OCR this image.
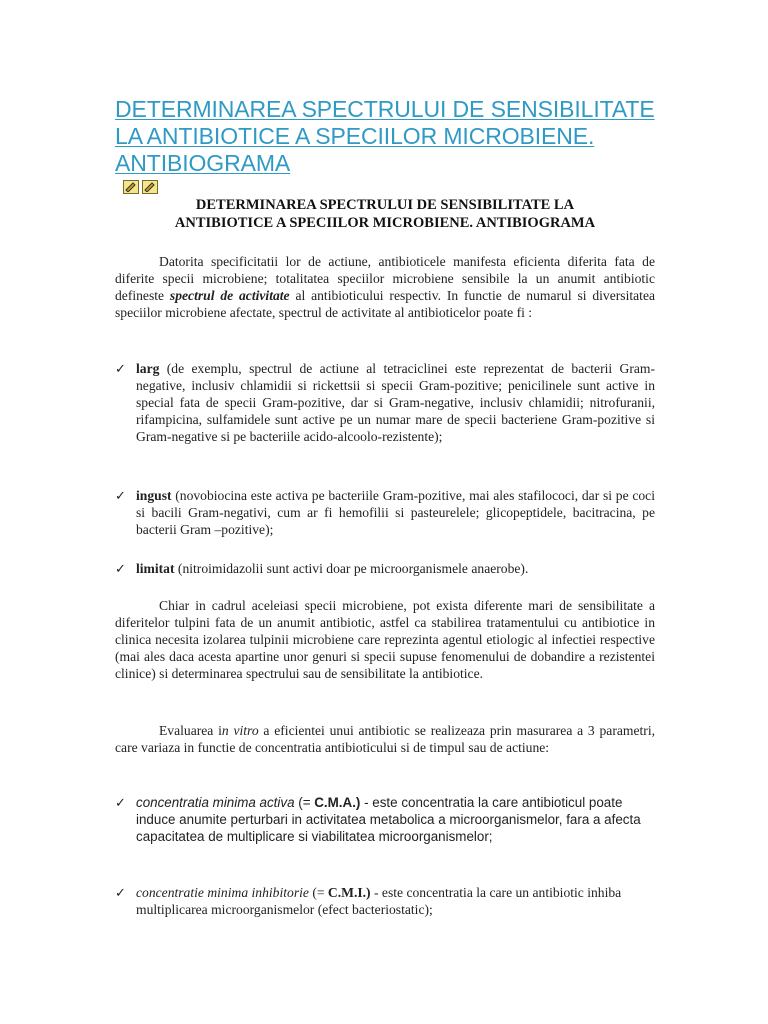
DETERMINAREA SPECTRULUI DE SENSIBILITATE LA ANTIBIOTICE A SPECIILOR MICROBIENE. ANTIBIOGRAMA

DETERMINAREA SPECTRULUI DE SENSIBILITATE LA
ANTIBIOTICE A SPECIILOR MICROBIENE. ANTIBIOGRAMA

Datorita specificitatii lor de actiune, antibioticele manifesta eficienta diferita fata de diferite specii microbiene; totalitatea speciilor microbiene sensibile la un anumit antibiotic defineste spectrul de activitate al antibioticului respectiv. In functie de numarul si diversitatea speciilor microbiene afectate, spectrul de activitate al antibioticelor poate fi :

✓ larg (de exemplu, spectrul de actiune al tetraciclinei este reprezentat de bacterii Gram-negative, inclusiv chlamidii si rickettsii si specii Gram-pozitive; penicilinele sunt active in special fata de specii Gram-pozitive, dar si Gram-negative, inclusiv chlamidii; nitrofuranii, rifampicina, sulfamidele sunt active pe un numar mare de specii bacteriene Gram-pozitive si Gram-negative si pe bacteriile acido-alcoolo-rezistente);
✓ ingust (novobiocina este activa pe bacteriile Gram-pozitive, mai ales stafilococi, dar si pe coci si bacili Gram-negativi, cum ar fi hemofilii si pasteurelele; glicopeptidele, bacitracina, pe bacterii Gram –pozitive);
✓ limitat (nitroimidazolii sunt activi doar pe microorganismele anaerobe).

Chiar in cadrul aceleiasi specii microbiene, pot exista diferente mari de sensibilitate a diferitelor tulpini fata de un anumit antibiotic, astfel ca stabilirea tratamentului cu antibiotice in clinica necesita izolarea tulpinii microbiene care reprezinta agentul etiologic al infectiei respective (mai ales daca acesta apartine unor genuri si specii supuse fenomenului de dobandire a rezistentei clinice) si determinarea spectrului sau de sensibilitate la antibiotice.

Evaluarea in vitro a eficientei unui antibiotic se realizeaza prin masurarea a 3 parametri, care variaza in functie de concentratia antibioticului si de timpul sau de actiune:

✓ concentratia minima activa (= C.M.A.) - este concentratia la care antibioticul poate induce anumite perturbari in activitatea metabolica a microorganismelor, fara a afecta capacitatea de multiplicare si viabilitatea microorganismelor;
✓ concentratie minima inhibitorie (= C.M.I.) - este concentratia la care un antibiotic inhiba multiplicarea microorganismelor (efect bacteriostatic);
